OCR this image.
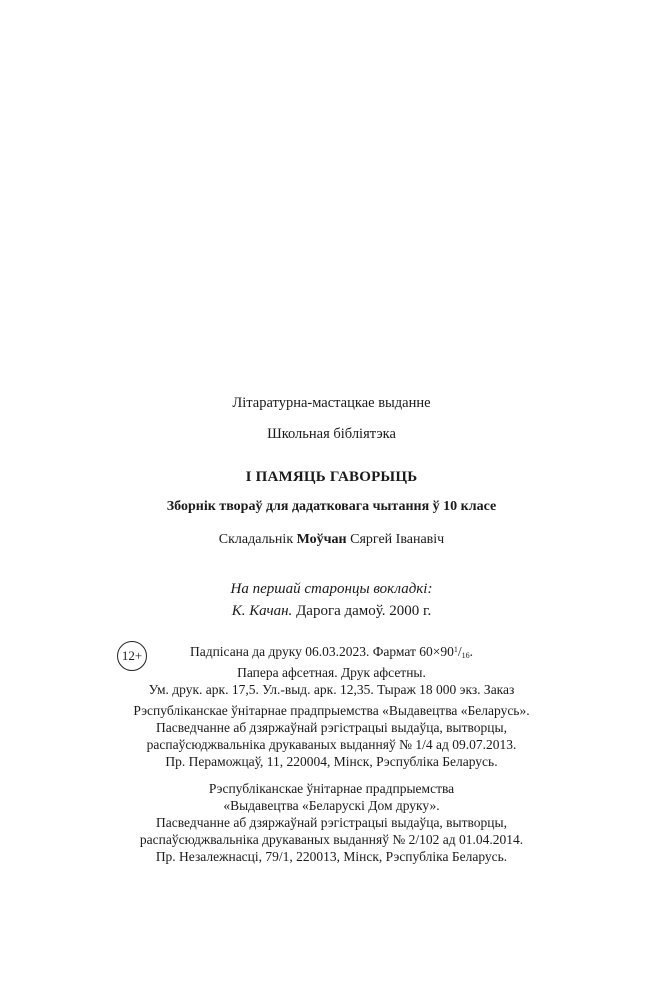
Літаратурна-мастацкае выданне
Школьная бібліятэка
І ПАМЯЦЬ ГАВОРЫЦЬ
Зборнік твораў для дадатковага чытання ў 10 класе
Складальнік Моўчан Сяргей Іванавіч
На першай старонцы вокладкі:
К. Качан. Дарога дамоў. 2000 г.
12+	Падпісана да друку 06.03.2023. Фармат $60\times 90^1/_{16}$.
Папера афсетная. Друк афсетны.
Ум. друк. арк. 17,5. Ул.-выд. арк. 12,35. Тыраж 18 000 экз. Заказ
Рэспубліканскае ўнітарнае прадпрыемства «Выдавецтва «Беларусь».
Пасведчанне аб дзяржаўнай рэгістрацыі выдаўца, вытворцы,
распаўсюджвальніка друкаваных выданняў № 1/4 ад 09.07.2013.
Пр. Пераможцаў, 11, 220004, Мінск, Рэспубліка Беларусь.
Рэспубліканскае ўнітарнае прадпрыемства
«Выдавецтва «Беларускі Дом друку».
Пасведчанне аб дзяржаўнай рэгістрацыі выдаўца, вытворцы,
распаўсюджвальніка друкаваных выданняў № 2/102 ад 01.04.2014.
Пр. Незалежнасці, 79/1, 220013, Мінск, Рэспубліка Беларусь.
